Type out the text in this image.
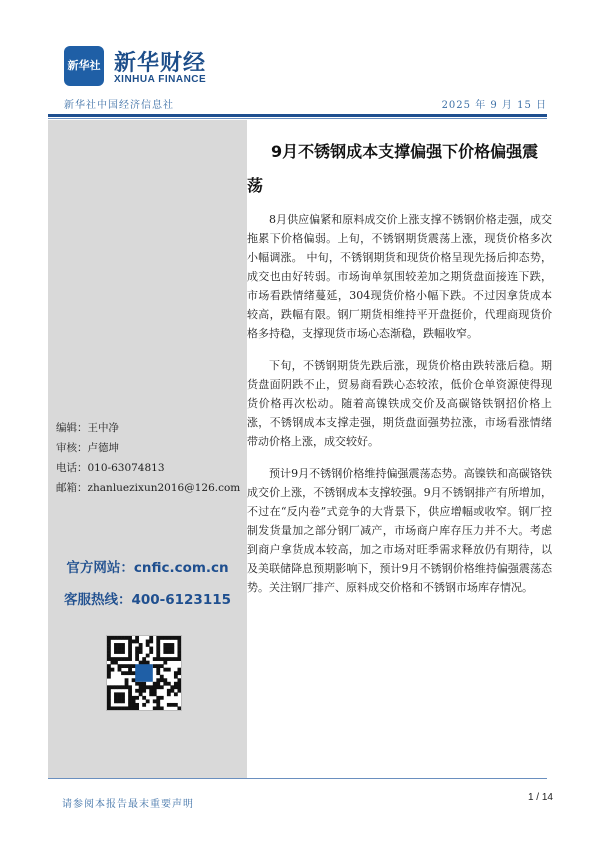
新华社 新华财经
XINHUA FINANCE
新华社中国经济信息社	2025 年 9 月 15 日
编辑：王中净
审核：卢德坤
电话：010-63074813
邮箱：zhanluezixun2016@126.com
官方网站：cnfic.com.cn
客服热线：400-6123115
9月不锈钢成本支撑偏强下价格偏强震荡

8月供应偏紧和原料成交价上涨支撑不锈钢价格走强，成交拖累下价格偏弱。上旬，不锈钢期货震荡上涨，现货价格多次小幅调涨。 中旬，不锈钢期货和现货价格呈现先扬后抑态势，成交也由好转弱。市场询单氛围较差加之期货盘面接连下跌，市场看跌情绪蔓延，304现货价格小幅下跌。不过因拿货成本较高，跌幅有限。钢厂期货相维持平开盘挺价，代理商现货价格多持稳，支撑现货市场心态渐稳，跌幅收窄。

下旬，不锈钢期货先跌后涨，现货价格由跌转涨后稳。期货盘面阴跌不止，贸易商看跌心态较浓，低价仓单资源使得现货价格再次松动。随着高镍铁成交价及高碳铬铁钢招价格上涨，不锈钢成本支撑走强，期货盘面强势拉涨，市场看涨情绪带动价格上涨，成交较好。

预计9月不锈钢价格维持偏强震荡态势。高镍铁和高碳铬铁成交价上涨，不锈钢成本支撑较强。9月不锈钢排产有所增加，不过在“反内卷”式竞争的大背景下，供应增幅或收窄。钢厂控制发货量加之部分钢厂减产，市场商户库存压力并不大。考虑到商户拿货成本较高，加之市场对旺季需求释放仍有期待，以及美联储降息预期影响下，预计9月不锈钢价格维持偏强震荡态势。关注钢厂排产、原料成交价格和不锈钢市场库存情况。

请参阅本报告最末重要声明
1 / 14
